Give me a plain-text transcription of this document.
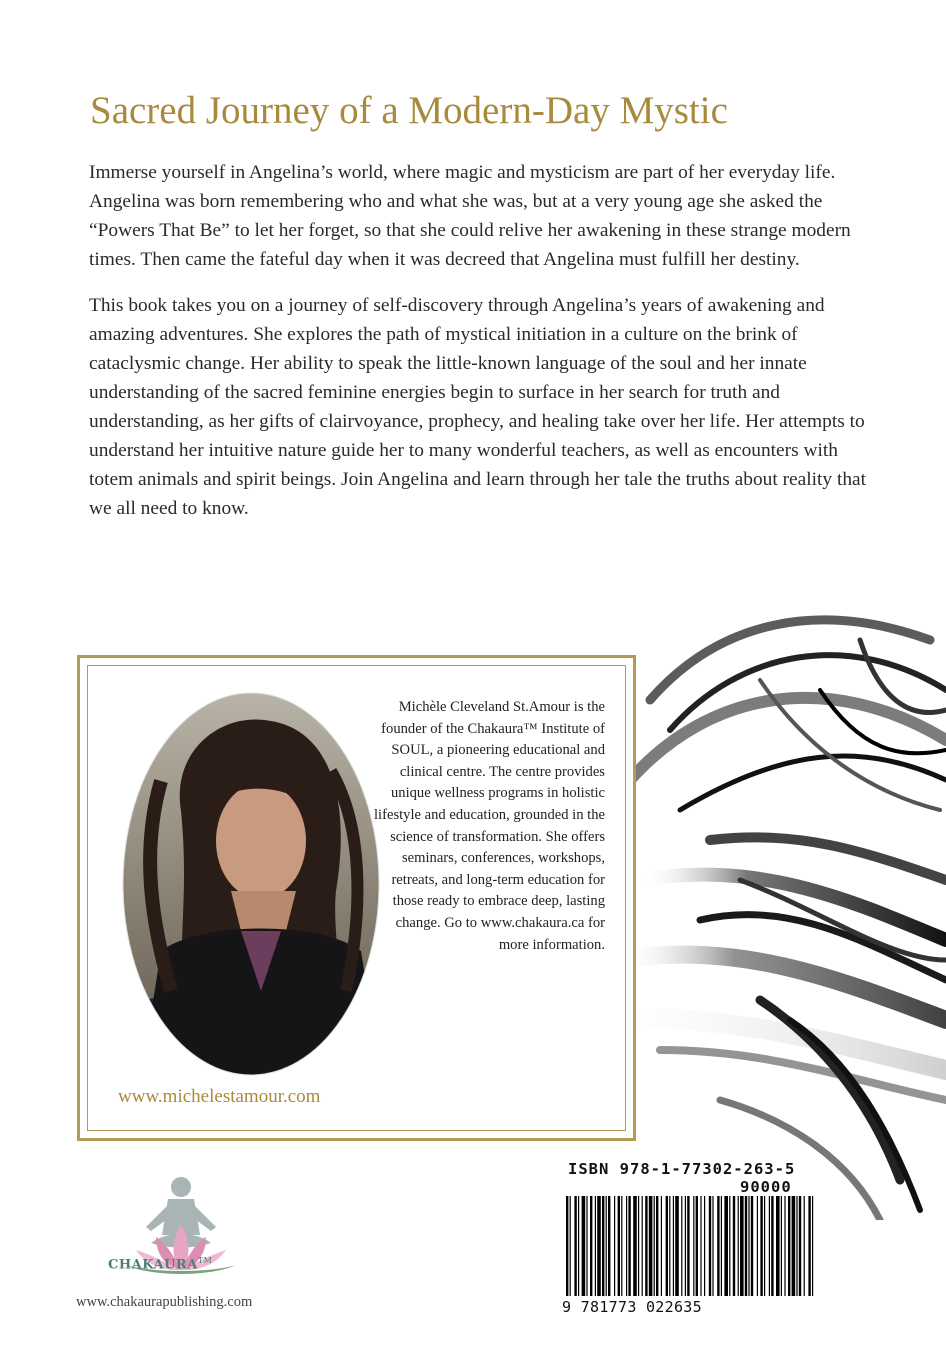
Sacred Journey of a Modern-Day Mystic

Immerse yourself in Angelina’s world, where magic and mysticism are part of her everyday life. Angelina was born remembering who and what she was, but at a very young age she asked the “Powers That Be” to let her forget, so that she could relive her awakening in these strange modern times. Then came the fateful day when it was decreed that Angelina must fulfill her destiny.

This book takes you on a journey of self-discovery through Angelina’s years of awakening and amazing adventures. She explores the path of mystical initiation in a culture on the brink of cataclysmic change. Her ability to speak the little-known language of the soul and her innate understanding of the sacred feminine energies begin to surface in her search for truth and understanding, as her gifts of clairvoyance, prophecy, and healing take over her life. Her attempts to understand her intuitive nature guide her to many wonderful teachers, as well as encounters with totem animals and spirit beings. Join Angelina and learn through her tale the truths about reality that we all need to know.

Michèle Cleveland St.Amour is the founder of the Chakaura™ Institute of SOUL, a pioneering educational and clinical centre. The centre provides unique wellness programs in holistic lifestyle and education, grounded in the science of transformation. She offers seminars, conferences, workshops, retreats, and long-term education for those ready to embrace deep, lasting change. Go to www.chakaura.ca for more information.
www.michelestamour.com
CHAKAURA™
www.chakaurapublishing.com
ISBN 978-1-77302-263-5
90000
9 781773 022635
